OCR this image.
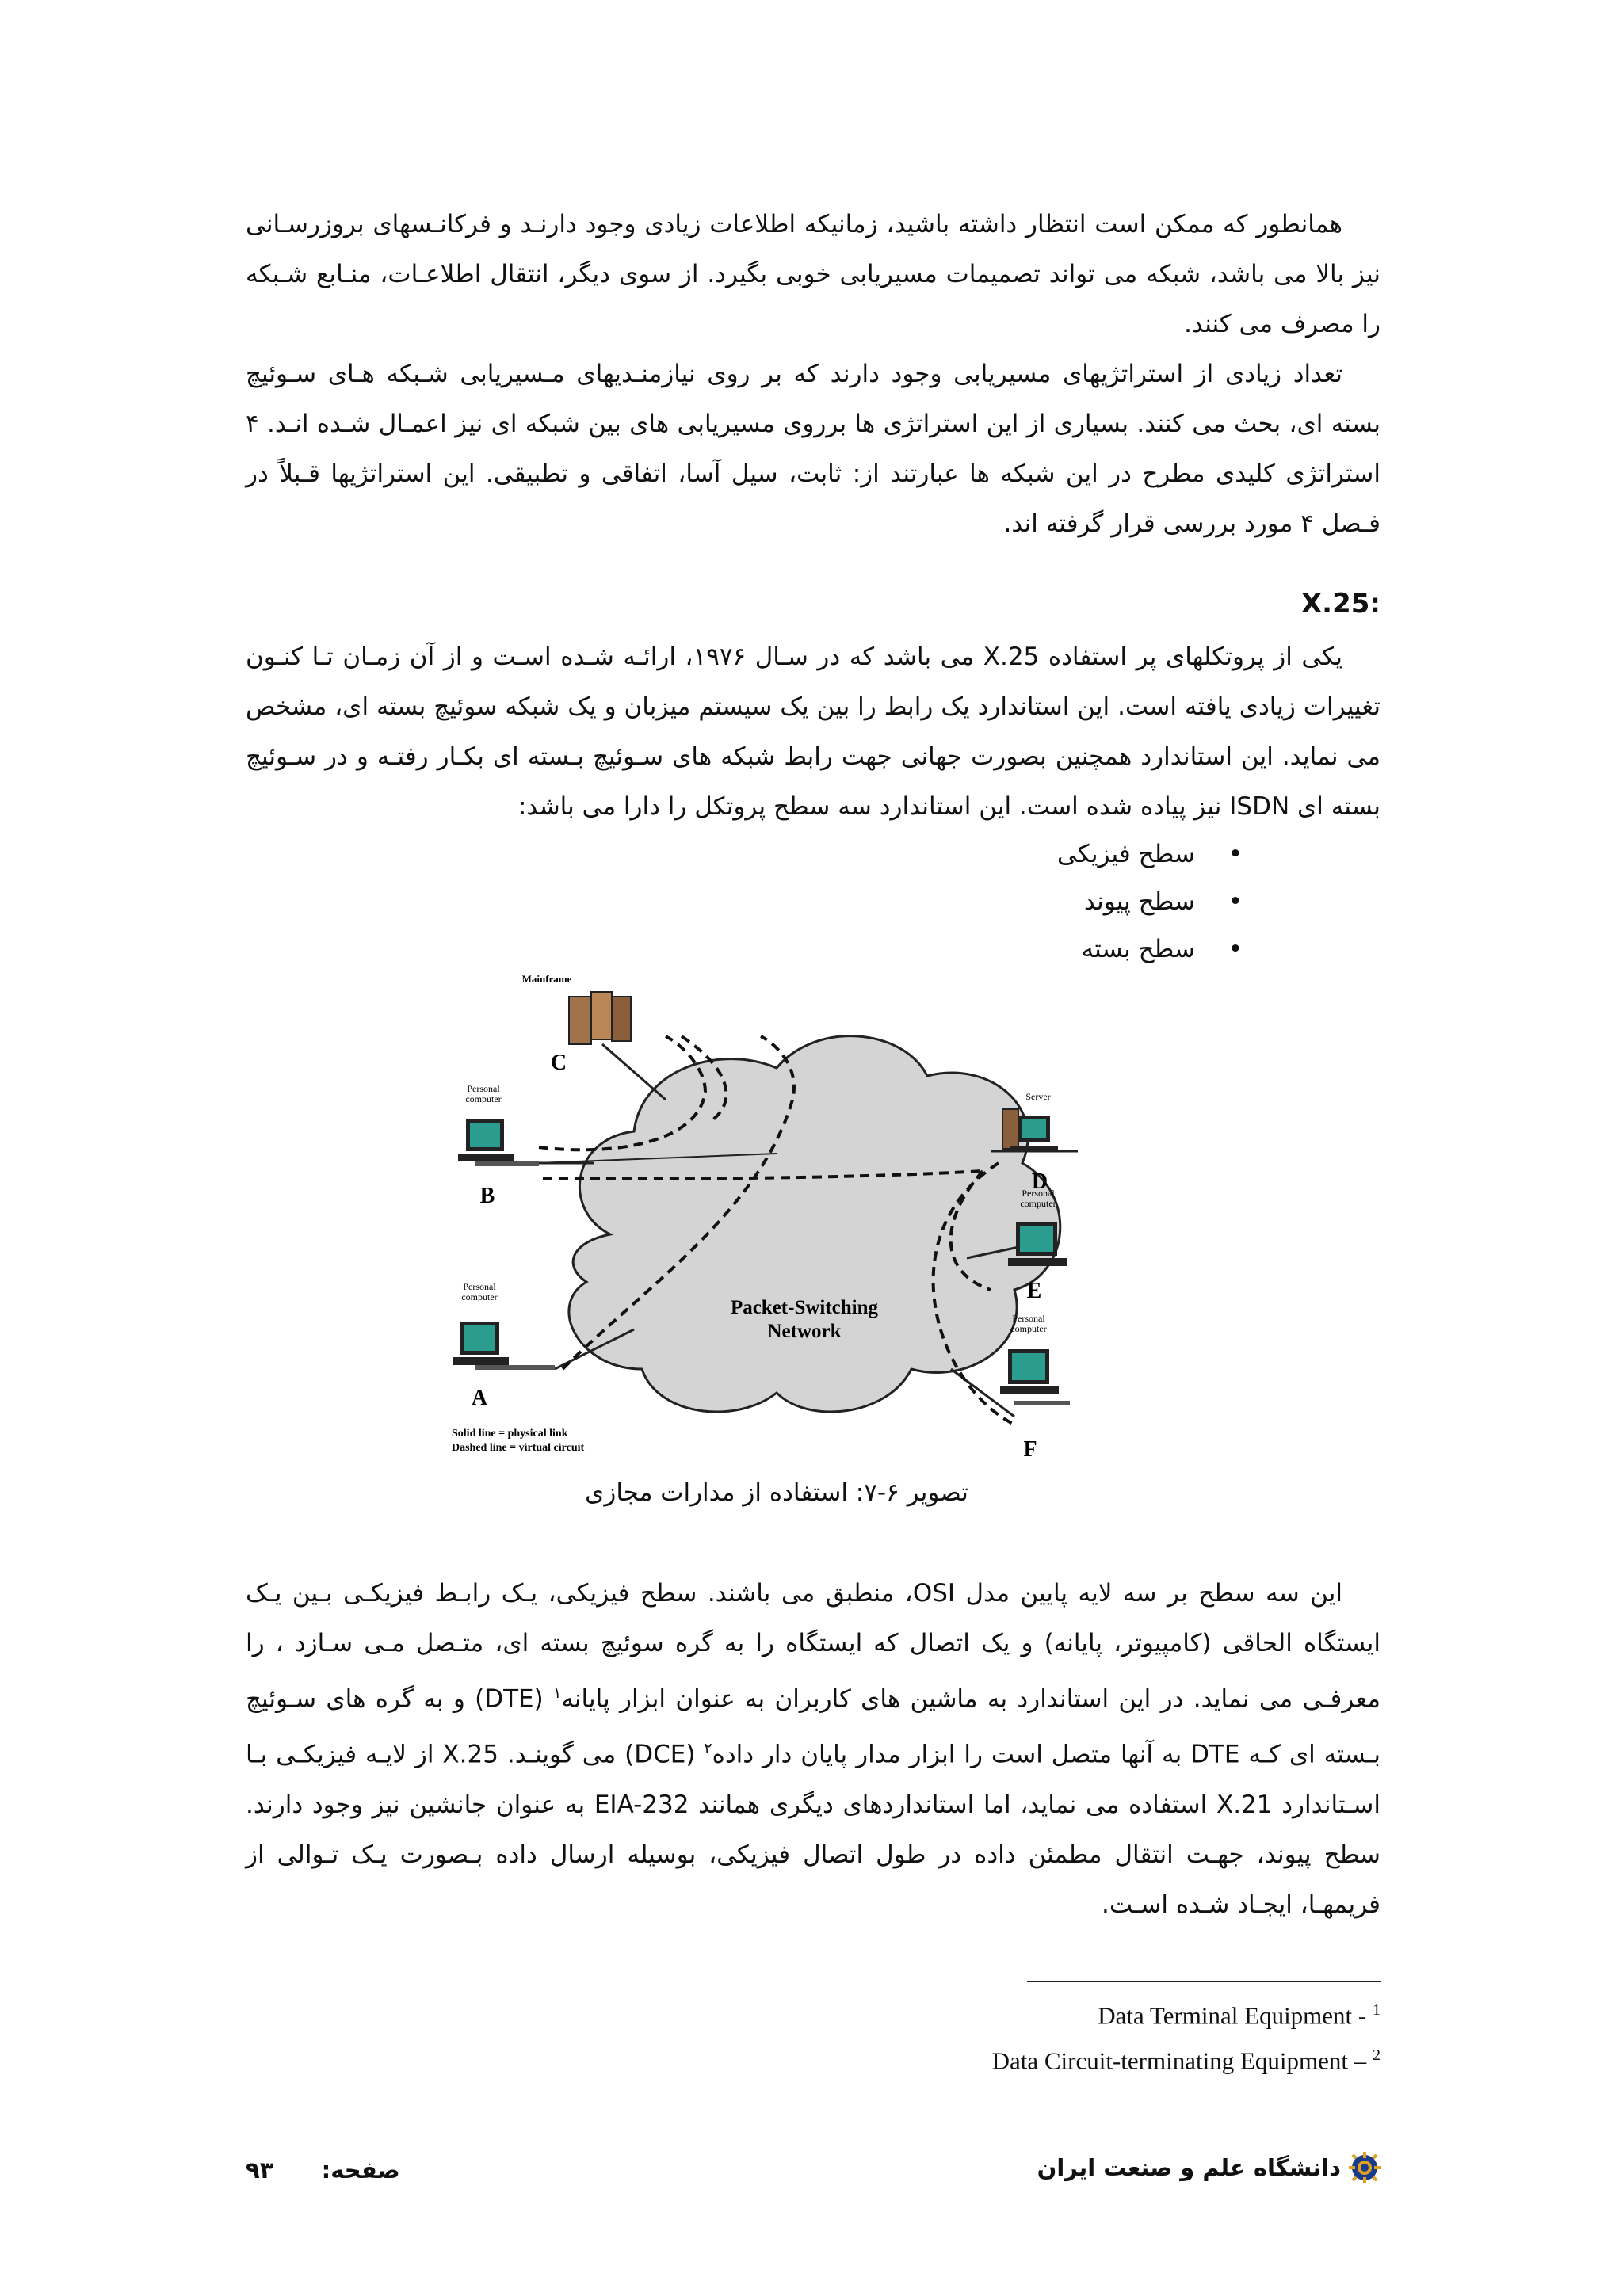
همانطور که ممکن است انتظار داشته باشید، زمانیکه اطلاعات زیادی وجود دارنـد و فرکانـسهای بروزرسـانی نیز بالا می باشد، شبکه می تواند تصمیمات مسیریابی خوبی بگیرد. از سوی دیگر، انتقال اطلاعـات، منـابع شـبکه را مصرف می کنند.

تعداد زیادی از استراتژیهای مسیریابی وجود دارند که بر روی نیازمنـدیهای مـسیریابی شـبکه هـای سـوئیچ بسته ای، بحث می کنند. بسیاری از این استراتژی ها برروی مسیریابی های بین شبکه ای نیز اعمـال شـده انـد. ۴ استراتژی کلیدی مطرح در این شبکه ها عبارتند از: ثابت، سیل آسا، اتفاقی و تطبیقی. این استراتژیها قـبلاً در فـصل ۴ مورد بررسی قرار گرفته اند.

X.25:

یکی از پروتکلهای پر استفاده X.25 می باشد که در سـال ۱۹۷۶، ارائـه شـده اسـت و از آن زمـان تـا کنـون تغییرات زیادی یافته است. این استاندارد یک رابط را بین یک سیستم میزبان و یک شبکه سوئیچ بسته ای، مشخص می نماید. این استاندارد همچنین بصورت جهانی جهت رابط شبکه های سـوئیچ بـسته ای بکـار رفتـه و در سـوئیچ بسته ای ISDN نیز پیاده شده است. این استاندارد سه سطح پروتکل را دارا می باشد:

•
سطح فیزیکی
•
سطح پیوند
•
سطح بسته
Packet-Switching
Network
Mainframe
C
Personal
computer
B
Personal
computer
A
Server
D
Personal
computer
E
Personal
computer
F
Solid line = physical link
Dashed line = virtual circuit
تصویر ۶-۷: استفاده از مدارات مجازی

این سه سطح بر سه لایه پایین مدل OSI، منطبق می باشند. سطح فیزیکی، یـک رابـط فیزیکـی بـین یـک ایستگاه الحاقی (کامپیوتر، پایانه) و یک اتصال که ایستگاه را به گره سوئیچ بسته ای، متـصل مـی سـازد ، را معرفـی می نماید. در این استاندارد به ماشین های کاربران به عنوان ابزار پایانه$^۱$ (DTE) و به گره های سـوئیچ بـسته ای کـه DTE به آنها متصل است را ابزار مدار پایان دار داده$^۲$ (DCE) می گوینـد. X.25 از لایـه فیزیکـی بـا اسـتاندارد X.21 استفاده می نماید، اما استانداردهای دیگری همانند EIA-232 به عنوان جانشین نیز وجود دارند. سطح پیوند، جهـت انتقال مطمئن داده در طول اتصال فیزیکی، بوسیله ارسال داده بـصورت یـک تـوالی از فریمهـا، ایجـاد شـده اسـت.

Data Terminal Equipment - $^1$
Data Circuit-terminating Equipment – $^2$
صفحه:  ۹۳	دانشگاه علم و صنعت ایران
